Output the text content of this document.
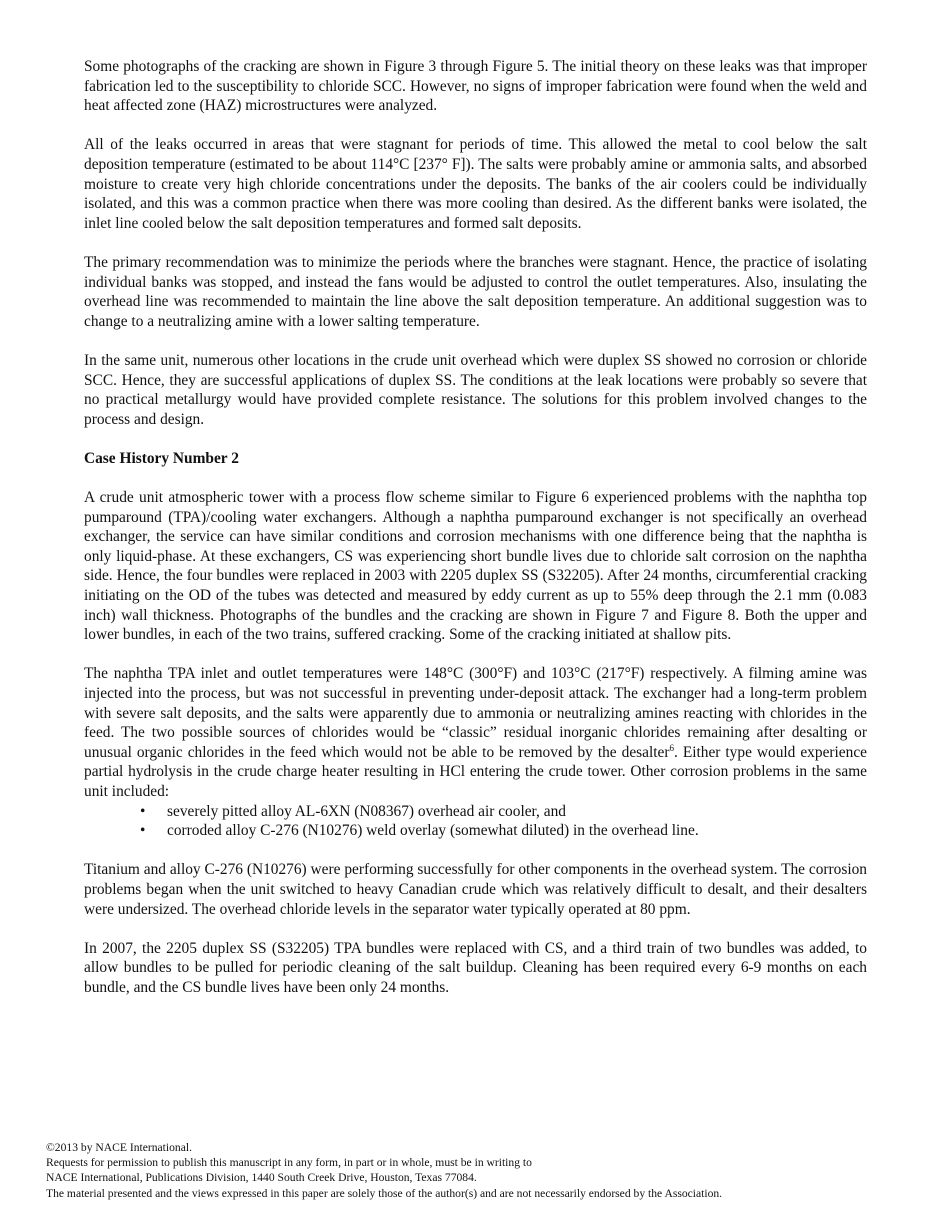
Some photographs of the cracking are shown in Figure 3 through Figure 5. The initial theory on these leaks was that improper fabrication led to the susceptibility to chloride SCC. However, no signs of improper fabrication were found when the weld and heat affected zone (HAZ) microstructures were analyzed.

All of the leaks occurred in areas that were stagnant for periods of time. This allowed the metal to cool below the salt deposition temperature (estimated to be about 114°C [237° F]). The salts were probably amine or ammonia salts, and absorbed moisture to create very high chloride concentrations under the deposits. The banks of the air coolers could be individually isolated, and this was a common practice when there was more cooling than desired. As the different banks were isolated, the inlet line cooled below the salt deposition temperatures and formed salt deposits.

The primary recommendation was to minimize the periods where the branches were stagnant. Hence, the practice of isolating individual banks was stopped, and instead the fans would be adjusted to control the outlet temperatures. Also, insulating the overhead line was recommended to maintain the line above the salt deposition temperature. An additional suggestion was to change to a neutralizing amine with a lower salting temperature.

In the same unit, numerous other locations in the crude unit overhead which were duplex SS showed no corrosion or chloride SCC. Hence, they are successful applications of duplex SS. The conditions at the leak locations were probably so severe that no practical metallurgy would have provided complete resistance. The solutions for this problem involved changes to the process and design.

Case History Number 2

A crude unit atmospheric tower with a process flow scheme similar to Figure 6 experienced problems with the naphtha top pumparound (TPA)/cooling water exchangers. Although a naphtha pumparound exchanger is not specifically an overhead exchanger, the service can have similar conditions and corrosion mechanisms with one difference being that the naphtha is only liquid-phase. At these exchangers, CS was experiencing short bundle lives due to chloride salt corrosion on the naphtha side. Hence, the four bundles were replaced in 2003 with 2205 duplex SS (S32205). After 24 months, circumferential cracking initiating on the OD of the tubes was detected and measured by eddy current as up to 55% deep through the 2.1 mm (0.083 inch) wall thickness. Photographs of the bundles and the cracking are shown in Figure 7 and Figure 8. Both the upper and lower bundles, in each of the two trains, suffered cracking. Some of the cracking initiated at shallow pits.

The naphtha TPA inlet and outlet temperatures were 148°C (300°F) and 103°C (217°F) respectively. A filming amine was injected into the process, but was not successful in preventing under-deposit attack. The exchanger had a long-term problem with severe salt deposits, and the salts were apparently due to ammonia or neutralizing amines reacting with chlorides in the feed. The two possible sources of chlorides would be “classic” residual inorganic chlorides remaining after desalting or unusual organic chlorides in the feed which would not be able to be removed by the desalter$^6$. Either type would experience partial hydrolysis in the crude charge heater resulting in HCl entering the crude tower. Other corrosion problems in the same unit included:

• severely pitted alloy AL-6XN (N08367) overhead air cooler, and
• corroded alloy C-276 (N10276) weld overlay (somewhat diluted) in the overhead line.

Titanium and alloy C-276 (N10276) were performing successfully for other components in the overhead system. The corrosion problems began when the unit switched to heavy Canadian crude which was relatively difficult to desalt, and their desalters were undersized. The overhead chloride levels in the separator water typically operated at 80 ppm.

In 2007, the 2205 duplex SS (S32205) TPA bundles were replaced with CS, and a third train of two bundles was added, to allow bundles to be pulled for periodic cleaning of the salt buildup. Cleaning has been required every 6-9 months on each bundle, and the CS bundle lives have been only 24 months.

©2013 by NACE International.
Requests for permission to publish this manuscript in any form, in part or in whole, must be in writing to
NACE International, Publications Division, 1440 South Creek Drive, Houston, Texas 77084.
The material presented and the views expressed in this paper are solely those of the author(s) and are not necessarily endorsed by the Association.
